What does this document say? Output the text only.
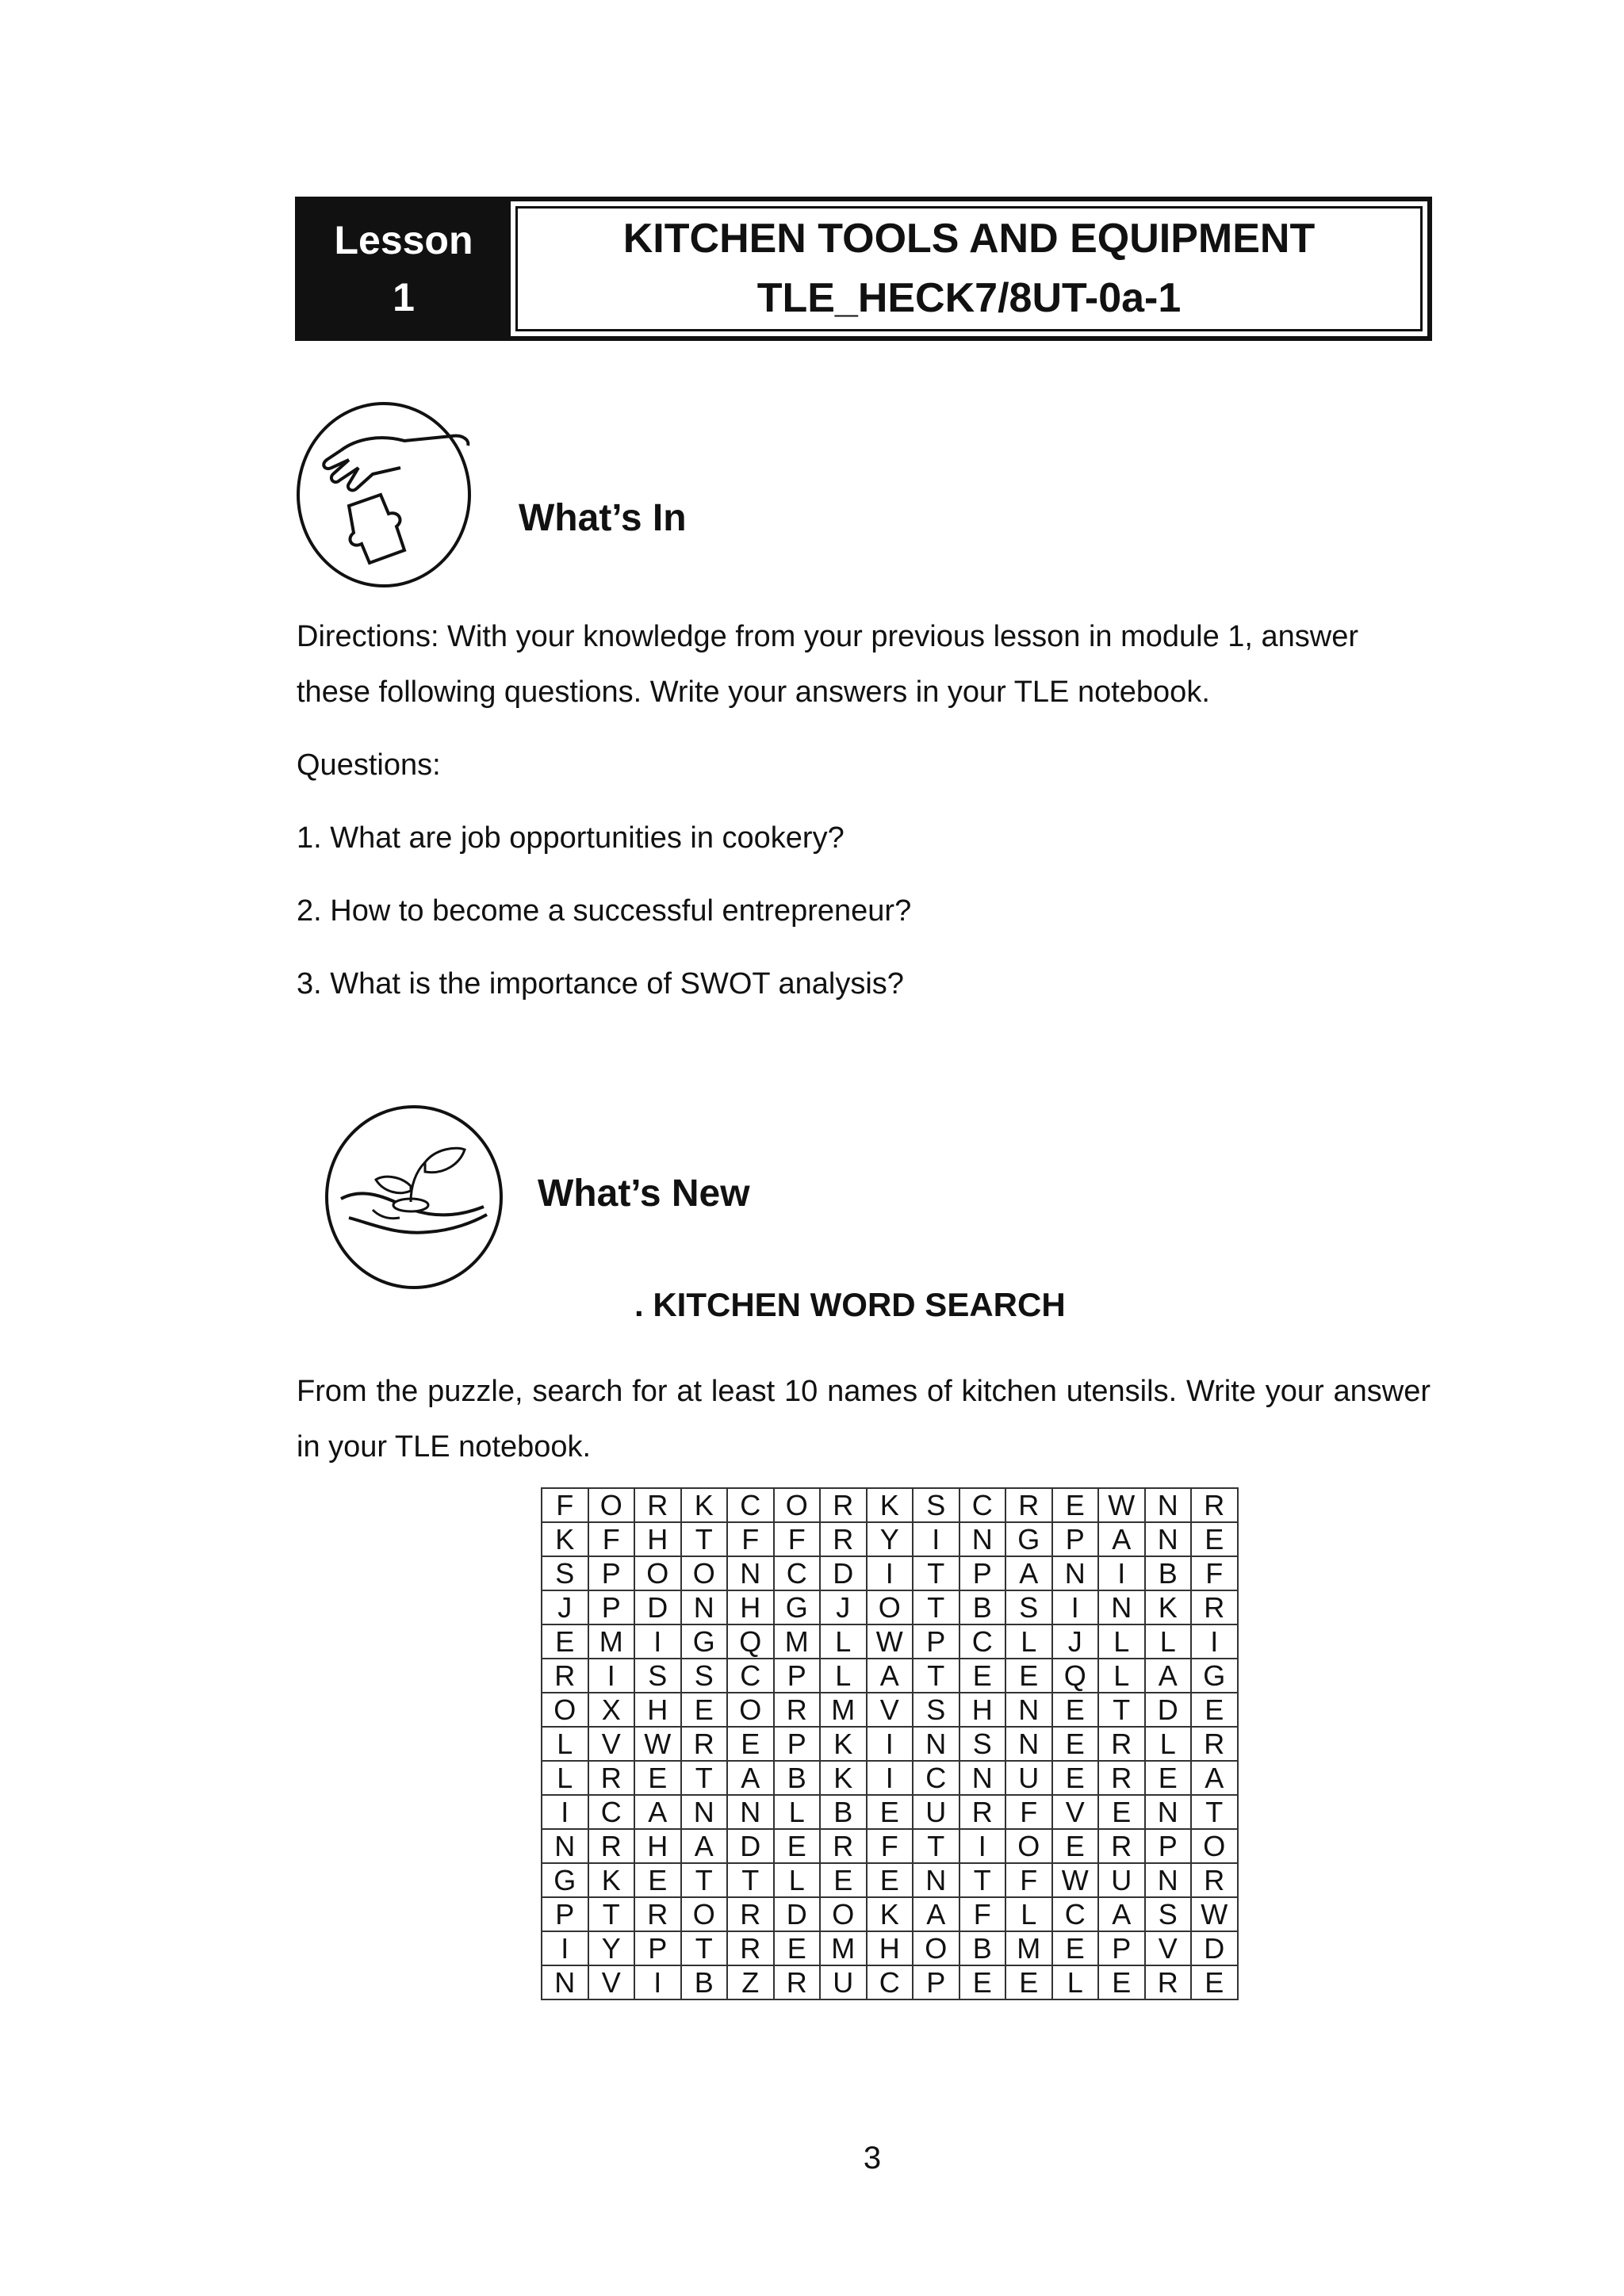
Lesson
1
KITCHEN TOOLS AND EQUIPMENT
TLE_HECK7/8UT-0a-1
What’s In
Directions: With your knowledge from your previous lesson in module 1, answer these following questions. Write your answers in your TLE notebook.
Questions:
1. What are job opportunities in cookery?
2. How to become a successful entrepreneur?
3. What is the importance of SWOT analysis?
What’s New
. KITCHEN WORD SEARCH
From the puzzle, search for at least 10 names of kitchen utensils. Write your answer in your TLE notebook.
F	O	R	K	C	O	R	K	S	C	R	E	W	N	R
K	F	H	T	F	F	R	Y	I	N	G	P	A	N	E
S	P	O	O	N	C	D	I	T	P	A	N	I	B	F
J	P	D	N	H	G	J	O	T	B	S	I	N	K	R
E	M	I	G	Q	M	L	W	P	C	L	J	L	L	I
R	I	S	S	C	P	L	A	T	E	E	Q	L	A	G
O	X	H	E	O	R	M	V	S	H	N	E	T	D	E
L	V	W	R	E	P	K	I	N	S	N	E	R	L	R
L	R	E	T	A	B	K	I	C	N	U	E	R	E	A
I	C	A	N	N	L	B	E	U	R	F	V	E	N	T
N	R	H	A	D	E	R	F	T	I	O	E	R	P	O
G	K	E	T	T	L	E	E	N	T	F	W	U	N	R
P	T	R	O	R	D	O	K	A	F	L	C	A	S	W
I	Y	P	T	R	E	M	H	O	B	M	E	P	V	D
N	V	I	B	Z	R	U	C	P	E	E	L	E	R	E
3
